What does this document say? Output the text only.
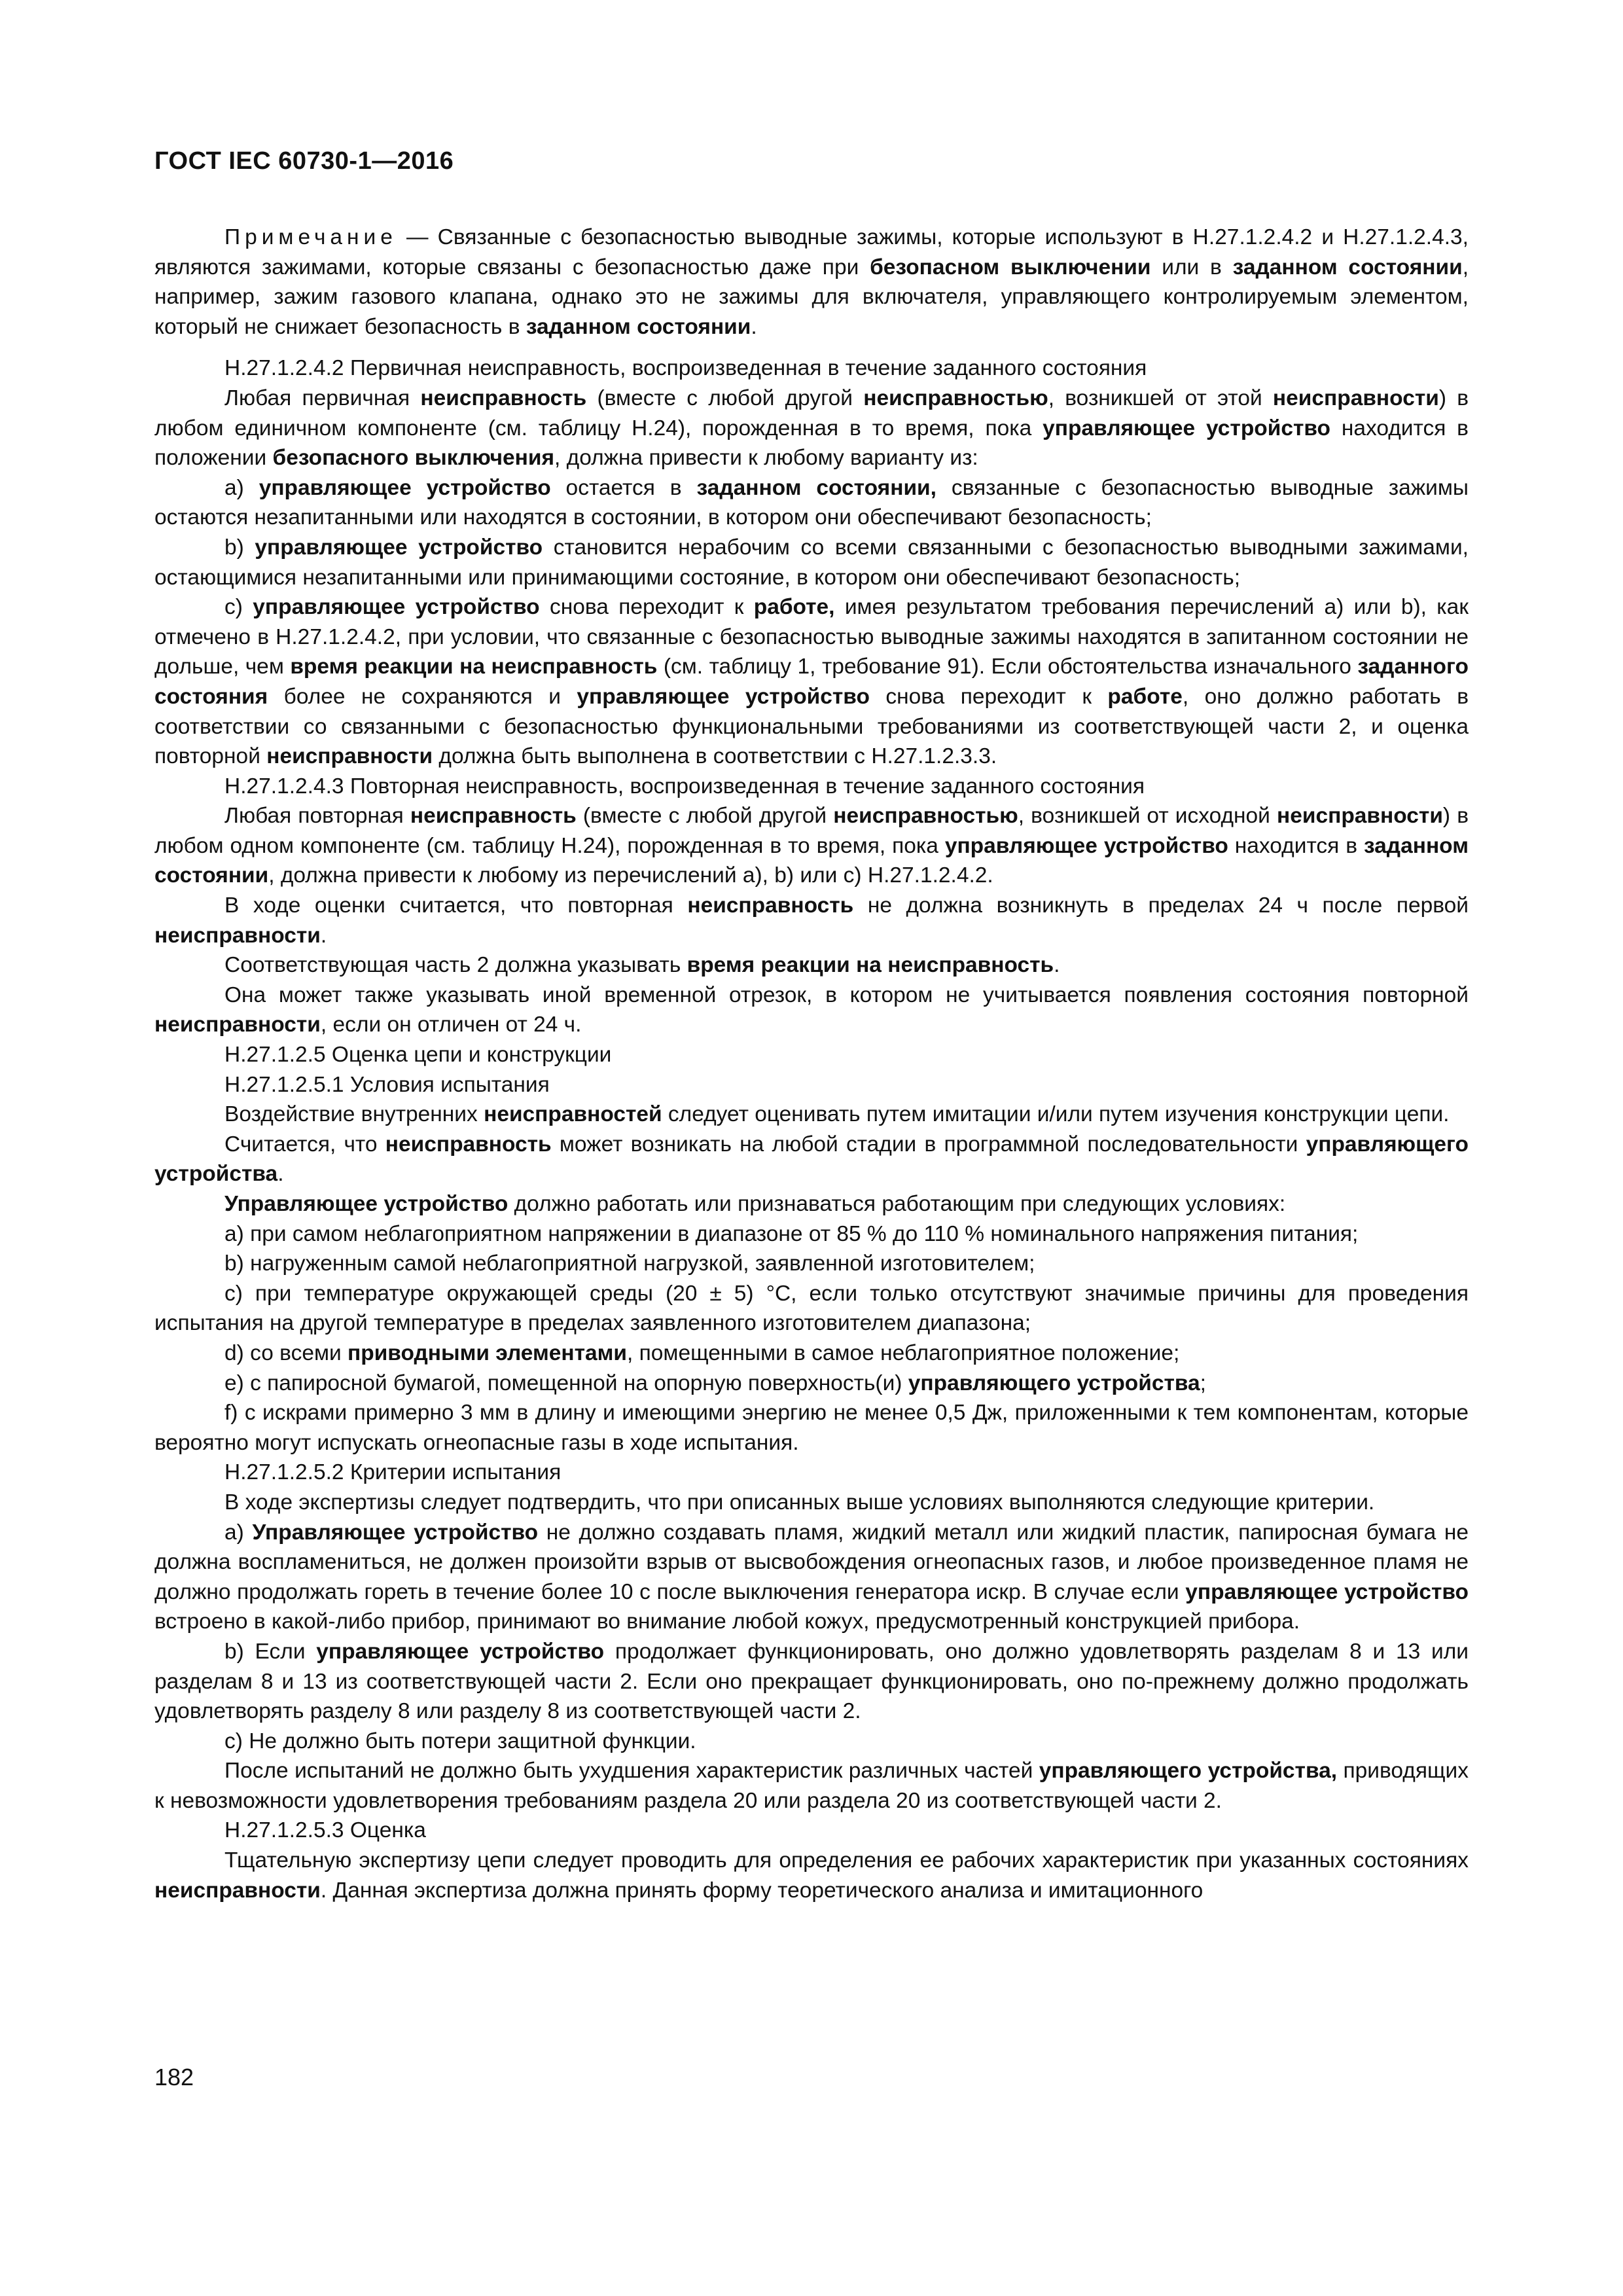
ГОСТ IEC 60730-1—2016

Примечание — Связанные с безопасностью выводные зажимы, которые используют в H.27.1.2.4.2 и H.27.1.2.4.3, являются зажимами, которые связаны с безопасностью даже при безопасном выключении или в заданном состоянии, например, зажим газового клапана, однако это не зажимы для включателя, управляющего контролируемым элементом, который не снижает безопасность в заданном состоянии.

H.27.1.2.4.2 Первичная неисправность, воспроизведенная в течение заданного состояния

Любая первичная неисправность (вместе с любой другой неисправностью, возникшей от этой неисправности) в любом единичном компоненте (см. таблицу H.24), порожденная в то время, пока управляющее устройство находится в положении безопасного выключения, должна привести к любому варианту из:

a) управляющее устройство остается в заданном состоянии, связанные с безопасностью выводные зажимы остаются незапитанными или находятся в состоянии, в котором они обеспечивают безопасность;

b) управляющее устройство становится нерабочим со всеми связанными с безопасностью выводными зажимами, остающимися незапитанными или принимающими состояние, в котором они обеспечивают безопасность;

c) управляющее устройство снова переходит к работе, имея результатом требования перечислений a) или b), как отмечено в H.27.1.2.4.2, при условии, что связанные с безопасностью выводные зажимы находятся в запитанном состоянии не дольше, чем время реакции на неисправность (см. таблицу 1, требование 91). Если обстоятельства изначального заданного состояния более не сохраняются и управляющее устройство снова переходит к работе, оно должно работать в соответствии со связанными с безопасностью функциональными требованиями из соответствующей части 2, и оценка повторной неисправности должна быть выполнена в соответствии с H.27.1.2.3.3.

H.27.1.2.4.3 Повторная неисправность, воспроизведенная в течение заданного состояния

Любая повторная неисправность (вместе с любой другой неисправностью, возникшей от исходной неисправности) в любом одном компоненте (см. таблицу H.24), порожденная в то время, пока управляющее устройство находится в заданном состоянии, должна привести к любому из перечислений a), b) или c) H.27.1.2.4.2.

В ходе оценки считается, что повторная неисправность не должна возникнуть в пределах 24 ч после первой неисправности.

Соответствующая часть 2 должна указывать время реакции на неисправность.

Она может также указывать иной временной отрезок, в котором не учитывается появления состояния повторной неисправности, если он отличен от 24 ч.

H.27.1.2.5 Оценка цепи и конструкции

H.27.1.2.5.1 Условия испытания

Воздействие внутренних неисправностей следует оценивать путем имитации и/или путем изучения конструкции цепи.

Считается, что неисправность может возникать на любой стадии в программной последовательности управляющего устройства.

Управляющее устройство должно работать или признаваться работающим при следующих условиях:

a) при самом неблагоприятном напряжении в диапазоне от 85 % до 110 % номинального напряжения питания;

b) нагруженным самой неблагоприятной нагрузкой, заявленной изготовителем;

c) при температуре окружающей среды (20 ± 5) °С, если только отсутствуют значимые причины для проведения испытания на другой температуре в пределах заявленного изготовителем диапазона;

d) со всеми приводными элементами, помещенными в самое неблагоприятное положение;

e) с папиросной бумагой, помещенной на опорную поверхность(и) управляющего устройства;

f) с искрами примерно 3 мм в длину и имеющими энергию не менее 0,5 Дж, приложенными к тем компонентам, которые вероятно могут испускать огнеопасные газы в ходе испытания.

H.27.1.2.5.2 Критерии испытания

В ходе экспертизы следует подтвердить, что при описанных выше условиях выполняются следующие критерии.

a) Управляющее устройство не должно создавать пламя, жидкий металл или жидкий пластик, папиросная бумага не должна воспламениться, не должен произойти взрыв от высвобождения огнеопасных газов, и любое произведенное пламя не должно продолжать гореть в течение более 10 с после выключения генератора искр. В случае если управляющее устройство встроено в какой-либо прибор, принимают во внимание любой кожух, предусмотренный конструкцией прибора.

b) Если управляющее устройство продолжает функционировать, оно должно удовлетворять разделам 8 и 13 или разделам 8 и 13 из соответствующей части 2. Если оно прекращает функционировать, оно по-прежнему должно продолжать удовлетворять разделу 8 или разделу 8 из соответствующей части 2.

c) Не должно быть потери защитной функции.

После испытаний не должно быть ухудшения характеристик различных частей управляющего устройства, приводящих к невозможности удовлетворения требованиям раздела 20 или раздела 20 из соответствующей части 2.

H.27.1.2.5.3 Оценка

Тщательную экспертизу цепи следует проводить для определения ее рабочих характеристик при указанных состояниях неисправности. Данная экспертиза должна принять форму теоретического анализа и имитационного

182
